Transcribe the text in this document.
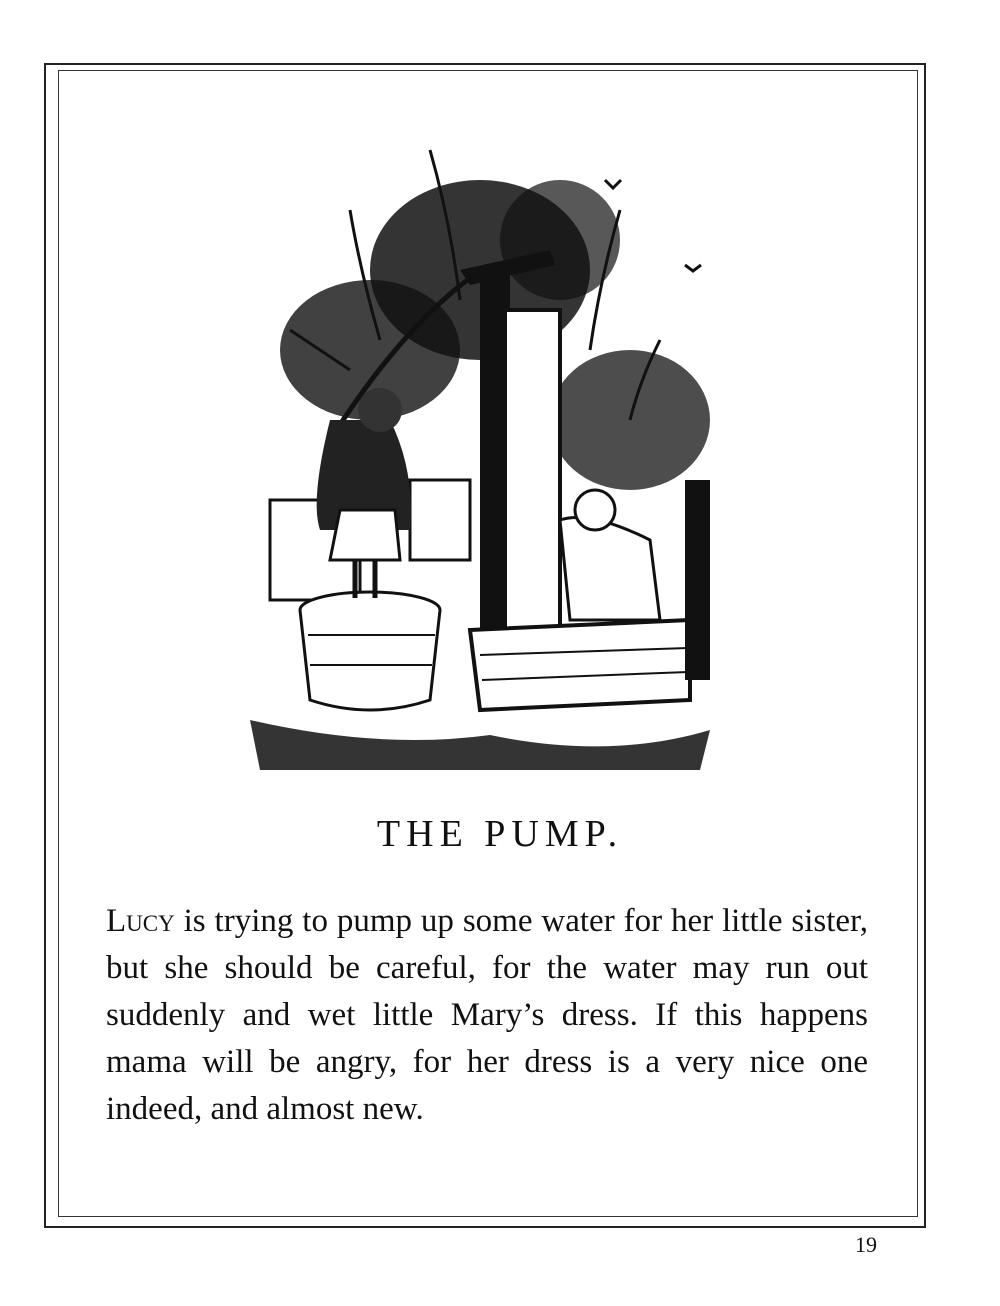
THE PUMP.

Lucy is trying to pump up some water for her little sister, but she should be careful, for the water may run out suddenly and wet little Mary’s dress. If this happens mama will be angry, for her dress is a very nice one indeed, and almost new.

19
